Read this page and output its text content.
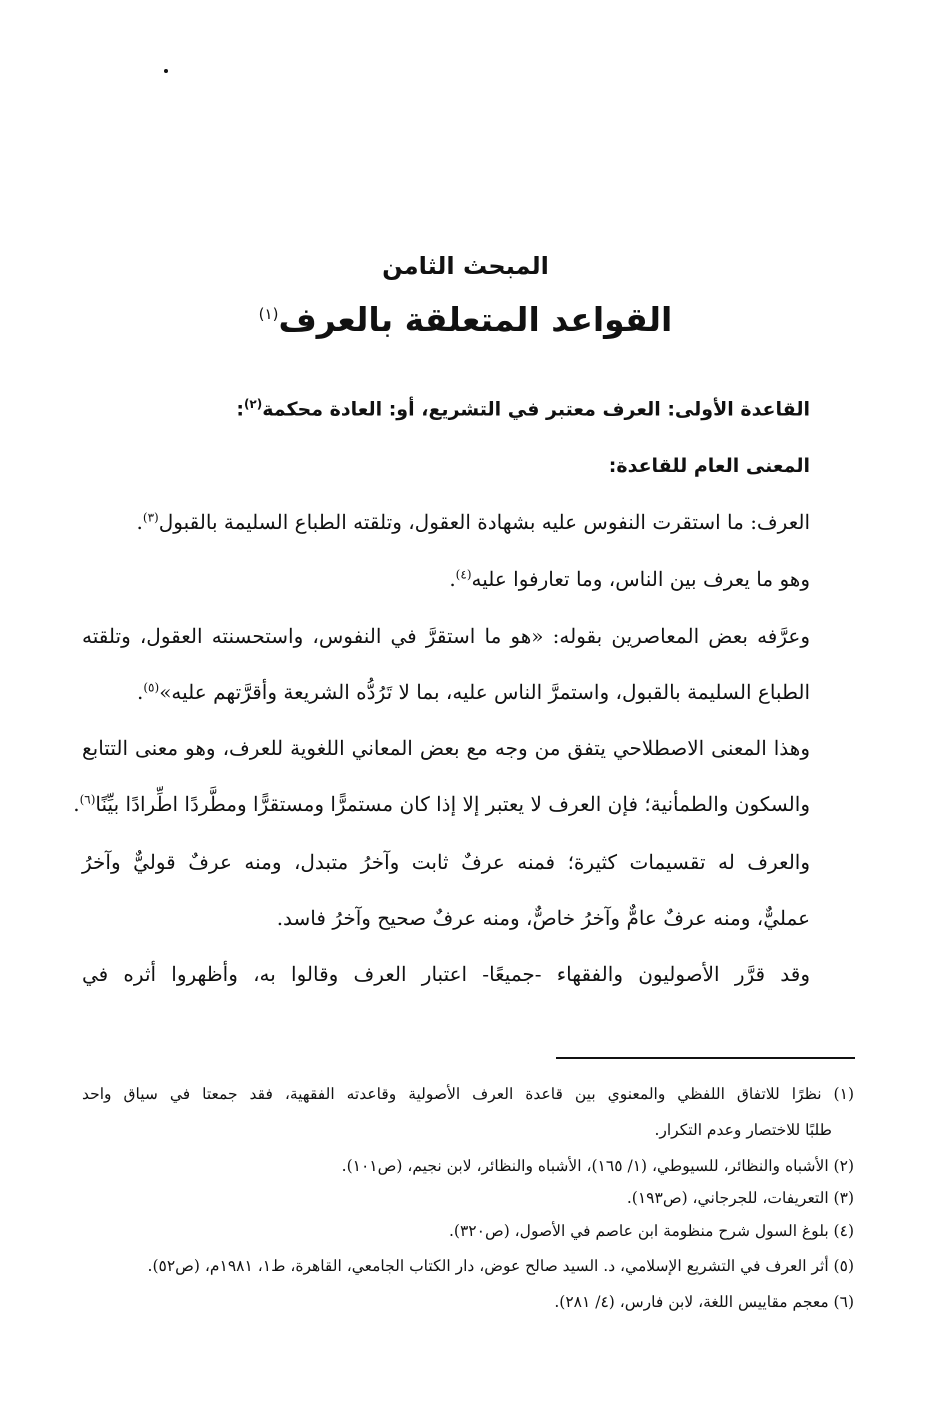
المبحث الثامن
القواعد المتعلقة بالعرف$^{(١)}$
القاعدة الأولى: العرف معتبر في التشريع، أو: العادة محكمة$^{(٢)}$:
المعنى العام للقاعدة:
العرف: ما استقرت النفوس عليه بشهادة العقول، وتلقته الطباع السليمة بالقبول$^{(٣)}$.
وهو ما يعرف بين الناس، وما تعارفوا عليه$^{(٤)}$.
وعرَّفه بعض المعاصرين بقوله: «هو ما استقرَّ في النفوس، واستحسنته العقول، وتلقته
الطباع السليمة بالقبول، واستمرَّ الناس عليه، بما لا تَرُدُّه الشريعة وأقرَّتهم عليه»$^{(٥)}$.
وهذا المعنى الاصطلاحي يتفق من وجه مع بعض المعاني اللغوية للعرف، وهو معنى التتابع
والسكون والطمأنية؛ فإن العرف لا يعتبر إلا إذا كان مستمرًّا ومستقرًّا ومطَّردًا اطِّرادًا بيِّنًا$^{(٦)}$.
والعرف له تقسيمات كثيرة؛ فمنه عرفٌ ثابت وآخرُ متبدل، ومنه عرفٌ قوليٌّ وآخرُ
عمليٌّ، ومنه عرفٌ عامٌّ وآخرُ خاصٌّ، ومنه عرفٌ صحيح وآخرُ فاسد.
وقد قرَّر الأصوليون والفقهاء -جميعًا- اعتبار العرف وقالوا به، وأظهروا أثره في
(١) نظرًا للاتفاق اللفظي والمعنوي بين قاعدة العرف الأصولية وقاعدته الفقهية، فقد جمعتا في سياق واحد
طلبًا للاختصار وعدم التكرار.
(٢) الأشباه والنظائر، للسيوطي، (١/ ١٦٥)، الأشباه والنظائر، لابن نجيم، (ص١٠١).
(٣) التعريفات، للجرجاني، (ص١٩٣).
(٤) بلوغ السول شرح منظومة ابن عاصم في الأصول، (ص٣٢٠).
(٥) أثر العرف في التشريع الإسلامي، د. السيد صالح عوض، دار الكتاب الجامعي، القاهرة، ط١، ١٩٨١م، (ص٥٢).
(٦) معجم مقاييس اللغة، لابن فارس، (٤/ ٢٨١).
